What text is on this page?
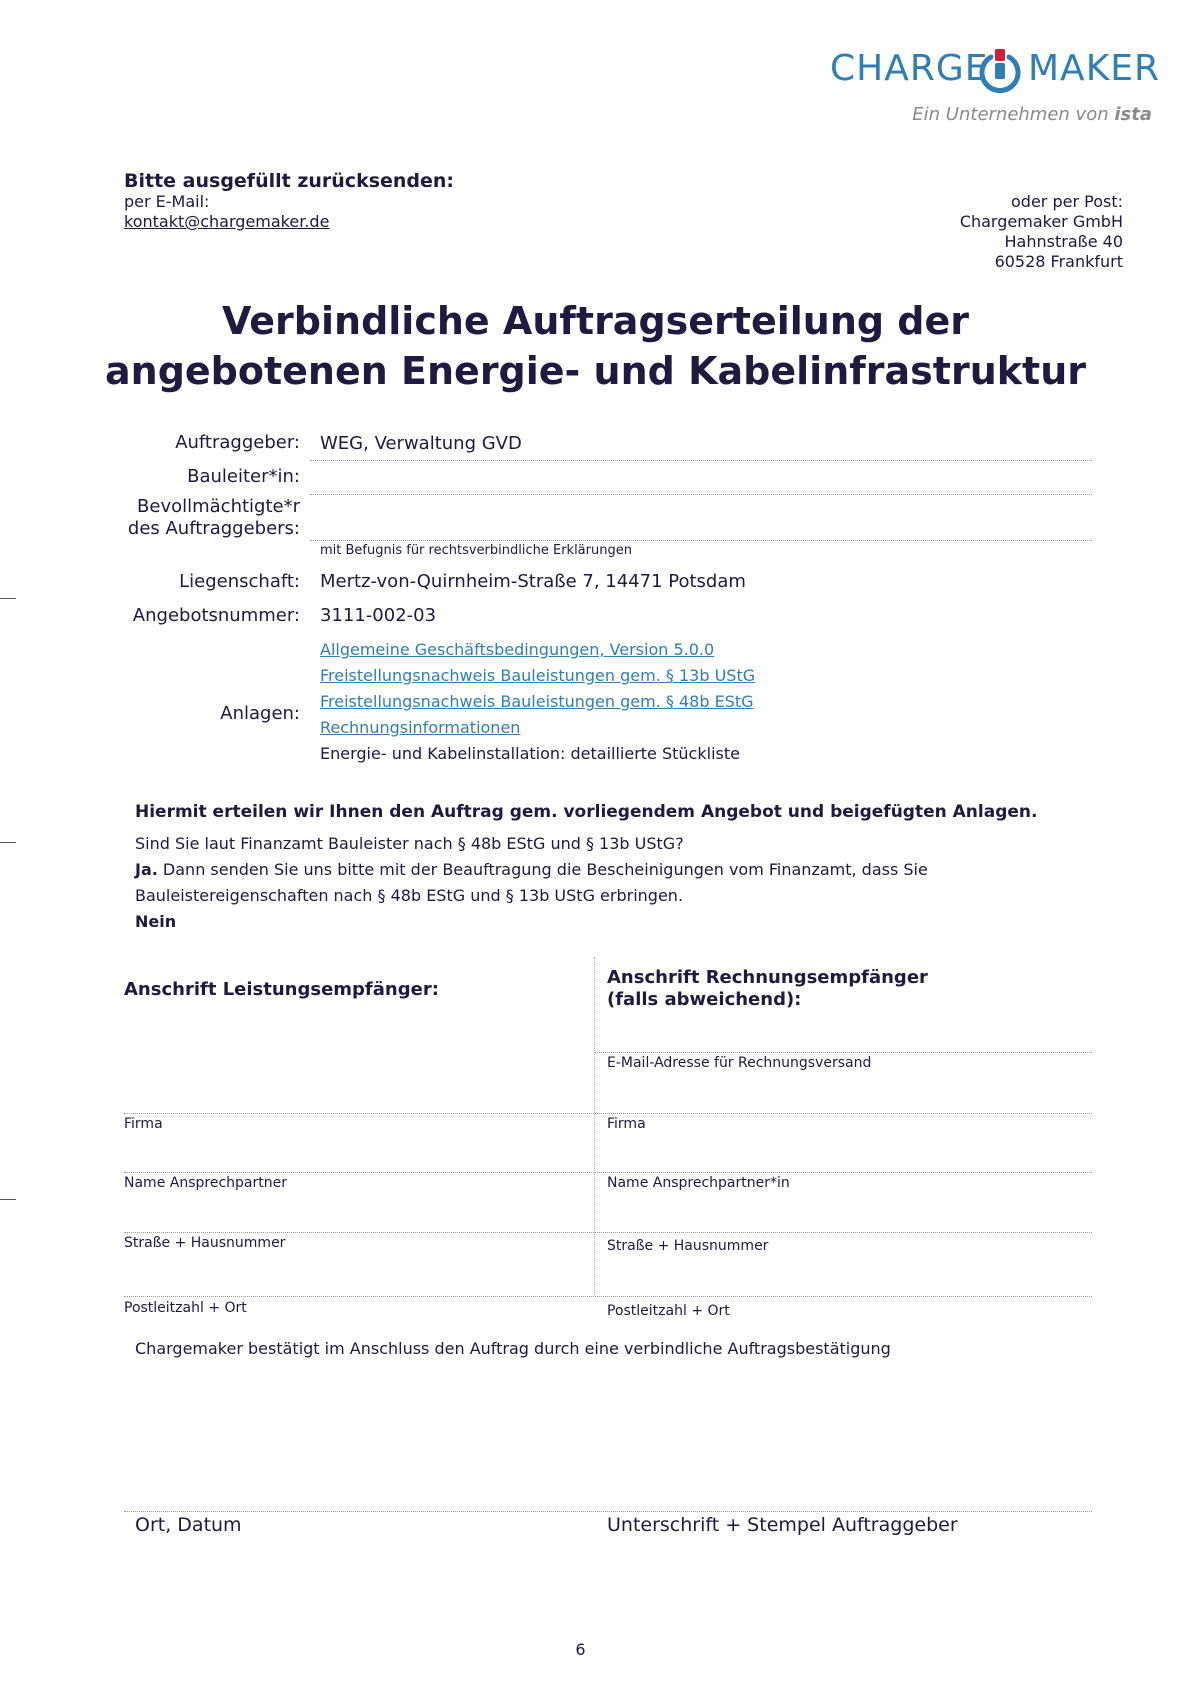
CHARGE MAKER
Ein Unternehmen von ista
Bitte ausgefüllt zurücksenden:
per E-Mail:
kontakt@chargemaker.de
oder per Post:
Chargemaker GmbH
Hahnstraße 40
60528 Frankfurt
Verbindliche Auftragserteilung der
angebotenen Energie- und Kabelinfrastruktur
Auftraggeber: WEG, Verwaltung GVD
Bauleiter*in:
Bevollmächtigte*r
des Auftraggebers:
mit Befugnis für rechtsverbindliche Erklärungen
Liegenschaft: Mertz-von-Quirnheim-Straße 7, 14471 Potsdam
Angebotsnummer: 3111-002-03
Anlagen:
Allgemeine Geschäftsbedingungen, Version 5.0.0
Freistellungsnachweis Bauleistungen gem. § 13b UStG
Freistellungsnachweis Bauleistungen gem. § 48b EStG
Rechnungsinformationen
Energie- und Kabelinstallation: detaillierte Stückliste
Hiermit erteilen wir Ihnen den Auftrag gem. vorliegendem Angebot und beigefügten Anlagen.
Sind Sie laut Finanzamt Bauleister nach § 48b EStG und § 13b UStG?
Ja. Dann senden Sie uns bitte mit der Beauftragung die Bescheinigungen vom Finanzamt, dass Sie
Bauleistereigenschaften nach § 48b EStG und § 13b UStG erbringen.
Nein
Anschrift Leistungsempfänger:
Anschrift Rechnungsempfänger
(falls abweichend):
E-Mail-Adresse für Rechnungsversand
Firma	Firma
Name Ansprechpartner	Name Ansprechpartner*in
Straße + Hausnummer	Straße + Hausnummer
Postleitzahl + Ort	Postleitzahl + Ort
Chargemaker bestätigt im Anschluss den Auftrag durch eine verbindliche Auftragsbestätigung
Ort, Datum	Unterschrift + Stempel Auftraggeber
6
